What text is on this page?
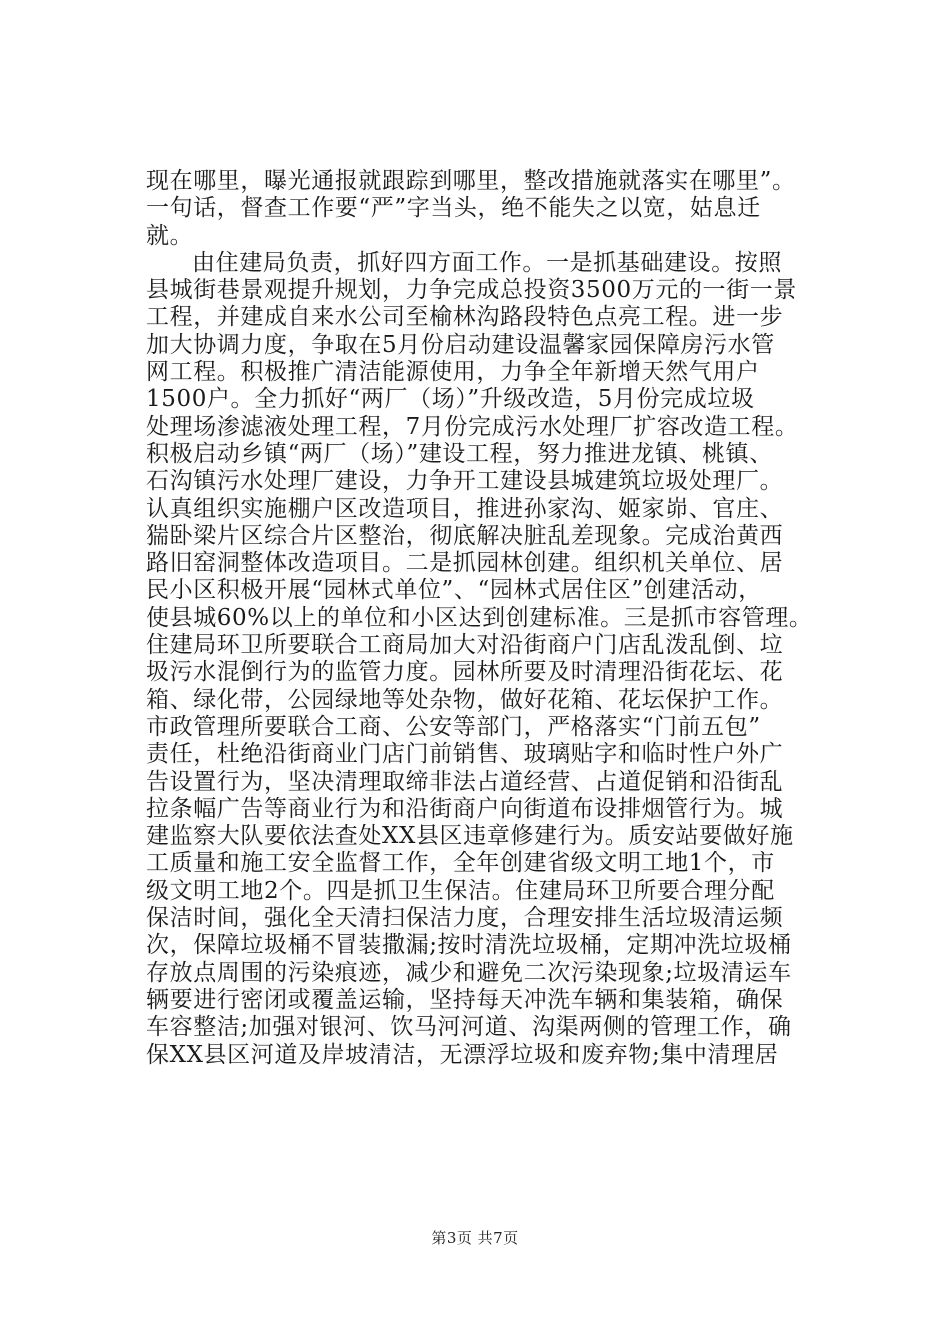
现在哪里，曝光通报就跟踪到哪里，整改措施就落实在哪里”。
一句话，督查工作要“严”字当头，绝不能失之以宽，姑息迁
就。
由住建局负责，抓好四方面工作。一是抓基础建设。按照
县城街巷景观提升规划，力争完成总投资3500万元的一街一景
工程，并建成自来水公司至榆林沟路段特色点亮工程。进一步
加大协调力度，争取在5月份启动建设温馨家园保障房污水管
网工程。积极推广清洁能源使用，力争全年新增天然气用户
1500户。全力抓好“两厂（场）”升级改造，5月份完成垃圾
处理场渗滤液处理工程，7月份完成污水处理厂扩容改造工程。
积极启动乡镇“两厂（场）”建设工程，努力推进龙镇、桃镇、
石沟镇污水处理厂建设，力争开工建设县城建筑垃圾处理厂。
认真组织实施棚户区改造项目，推进孙家沟、姬家峁、官庄、
猯卧梁片区综合片区整治，彻底解决脏乱差现象。完成治黄西
路旧窑洞整体改造项目。二是抓园林创建。组织机关单位、居
民小区积极开展“园林式单位”、“园林式居住区”创建活动，
使县城60%以上的单位和小区达到创建标准。三是抓市容管理。
住建局环卫所要联合工商局加大对沿街商户门店乱泼乱倒、垃
圾污水混倒行为的监管力度。园林所要及时清理沿街花坛、花
箱、绿化带，公园绿地等处杂物，做好花箱、花坛保护工作。
市政管理所要联合工商、公安等部门，严格落实“门前五包”
责任，杜绝沿街商业门店门前销售、玻璃贴字和临时性户外广
告设置行为，坚决清理取缔非法占道经营、占道促销和沿街乱
拉条幅广告等商业行为和沿街商户向街道布设排烟管行为。城
建监察大队要依法查处XX县区违章修建行为。质安站要做好施
工质量和施工安全监督工作，全年创建省级文明工地1个，市
级文明工地2个。四是抓卫生保洁。住建局环卫所要合理分配
保洁时间，强化全天清扫保洁力度，合理安排生活垃圾清运频
次，保障垃圾桶不冒装撒漏;按时清洗垃圾桶，定期冲洗垃圾桶
存放点周围的污染痕迹，减少和避免二次污染现象;垃圾清运车
辆要进行密闭或覆盖运输，坚持每天冲洗车辆和集装箱，确保
车容整洁;加强对银河、饮马河河道、沟渠两侧的管理工作，确
保XX县区河道及岸坡清洁，无漂浮垃圾和废弃物;集中清理居
第3页 共7页
